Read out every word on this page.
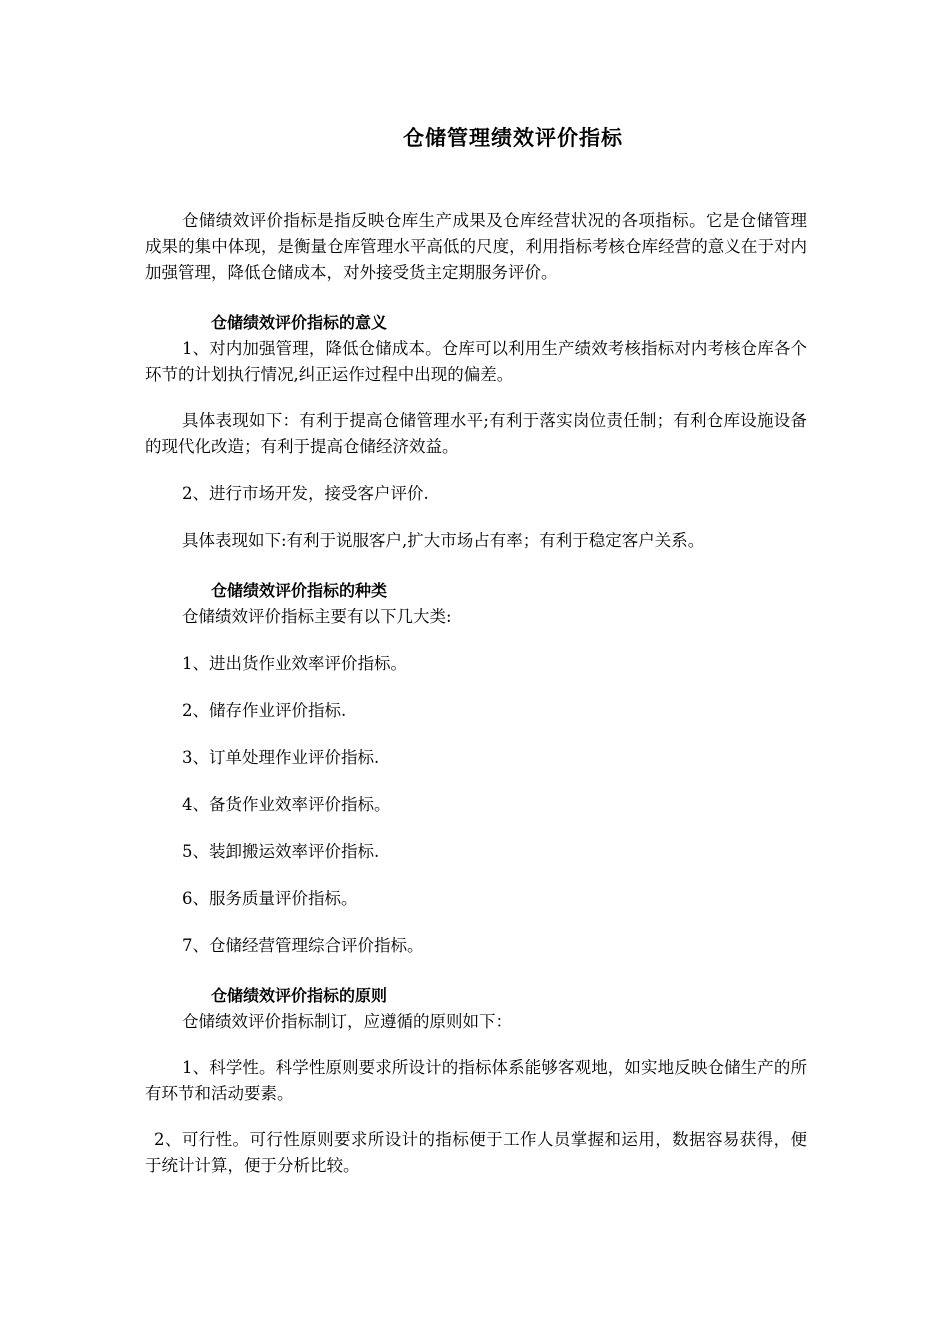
仓储管理绩效评价指标

仓储绩效评价指标是指反映仓库生产成果及仓库经营状况的各项指标。它是仓储管理成果的集中体现，是衡量仓库管理水平高低的尺度，利用指标考核仓库经营的意义在于对内加强管理，降低仓储成本，对外接受货主定期服务评价。

仓储绩效评价指标的意义

1、对内加强管理，降低仓储成本。仓库可以利用生产绩效考核指标对内考核仓库各个环节的计划执行情况,纠正运作过程中出现的偏差。

具体表现如下：有利于提高仓储管理水平;有利于落实岗位责任制；有利仓库设施设备的现代化改造；有利于提高仓储经济效益。

2、进行市场开发，接受客户评价.

具体表现如下:有利于说服客户,扩大市场占有率；有利于稳定客户关系。

仓储绩效评价指标的种类

仓储绩效评价指标主要有以下几大类:

1、进出货作业效率评价指标。

2、储存作业评价指标.

3、订单处理作业评价指标.

4、备货作业效率评价指标。

5、装卸搬运效率评价指标.

6、服务质量评价指标。

7、仓储经营管理综合评价指标。

仓储绩效评价指标的原则

仓储绩效评价指标制订，应遵循的原则如下：

1、科学性。科学性原则要求所设计的指标体系能够客观地，如实地反映仓储生产的所有环节和活动要素。

2、可行性。可行性原则要求所设计的指标便于工作人员掌握和运用，数据容易获得，便于统计计算，便于分析比较。
